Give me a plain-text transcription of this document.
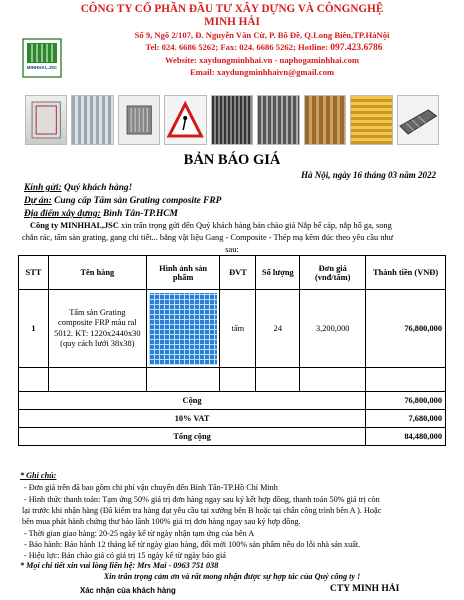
CÔNG TY CỔ PHẦN ĐẦU TƯ XÂY DỰNG VÀ CÔNGNGHỆ
MINH HẢI
Số 9, Ngõ 2/107, Đ. Nguyễn Văn Cừ, P. Bồ Đề, Q.Long Biên,TP.HàNội
Tel: 024. 6686 5262; Fax: 024. 6686 5262; Hotline: 097.423.6786
Website: xaydungminhhai.vn - naphogaminhhai.com
Email: xaydungminhhaivn@gmail.com
MINHHAI.,JSC
BẢN BÁO GIÁ
Hà Nội, ngày 16 tháng 03 năm 2022
Kính gửi: Quý khách hàng!
Dự án: Cung cấp Tấm sàn Grating composite FRP
Địa điểm xây dựng: Bình Tân-TP.HCM
Công ty MINHHAI.,JSC xin trân trọng gửi đến Quý khách hàng bản chào giá Nắp bể cáp, nắp hố ga, song
chắn rác, tấm sàn grating, gang chi tiết... bằng vật liệu Gang - Composite - Thép mạ kẽm đúc theo yêu cầu như
sau:
STT	Tên hàng	Hình ảnh sản phẩm	ĐVT	Số lượng	Đơn giá (vnđ/tấm)	Thành tiền (VNĐ)
1	Tấm sàn Grating composite FRP màu ral 5012. KT: 1220x2440x30 (quy cách lưới 38x38)		tấm	24	3,200,000	76,800,000

Cộng						76,800,000
10% VAT						7,680,000
Tổng cộng						84,480,000
* Ghi chú:
- Đơn giá trên đã bao gồm chi phí vận chuyển đến Bình Tân-TP.Hồ Chí Minh
- Hình thức thanh toán: Tạm ứng 50% giá trị đơn hàng ngay sau ký kết hợp đồng, thanh toán 50% giá trị còn
lại trước khi nhận hàng (Đã kiểm tra hàng đạt yêu cầu tại xưởng bên B hoặc tại chân công trình bên A ). Hoặc
bên mua phát hành chứng thư bảo lãnh 100% giá trị đơn hàng ngay sau ký hợp đồng.
- Thời gian giao hàng: 20-25 ngày kể từ ngày nhận tạm ứng của bên A
- Bảo hành: Bảo hành 12 tháng kể từ ngày giao hàng, đổi mới 100% sản phẩm nếu do lỗi nhà sản xuất.
- Hiệu lực: Bản chào giá có giá trị 15 ngày kể từ ngày báo giá
* Mọi chi tiết xin vui lòng liên hệ: Mrs Mai - 0963 751 038
Xin trân trọng cảm ơn và rất mong nhận được sự hợp tác của Quý công ty !
Xác nhận của khách hàng	CTY MINH HẢI
